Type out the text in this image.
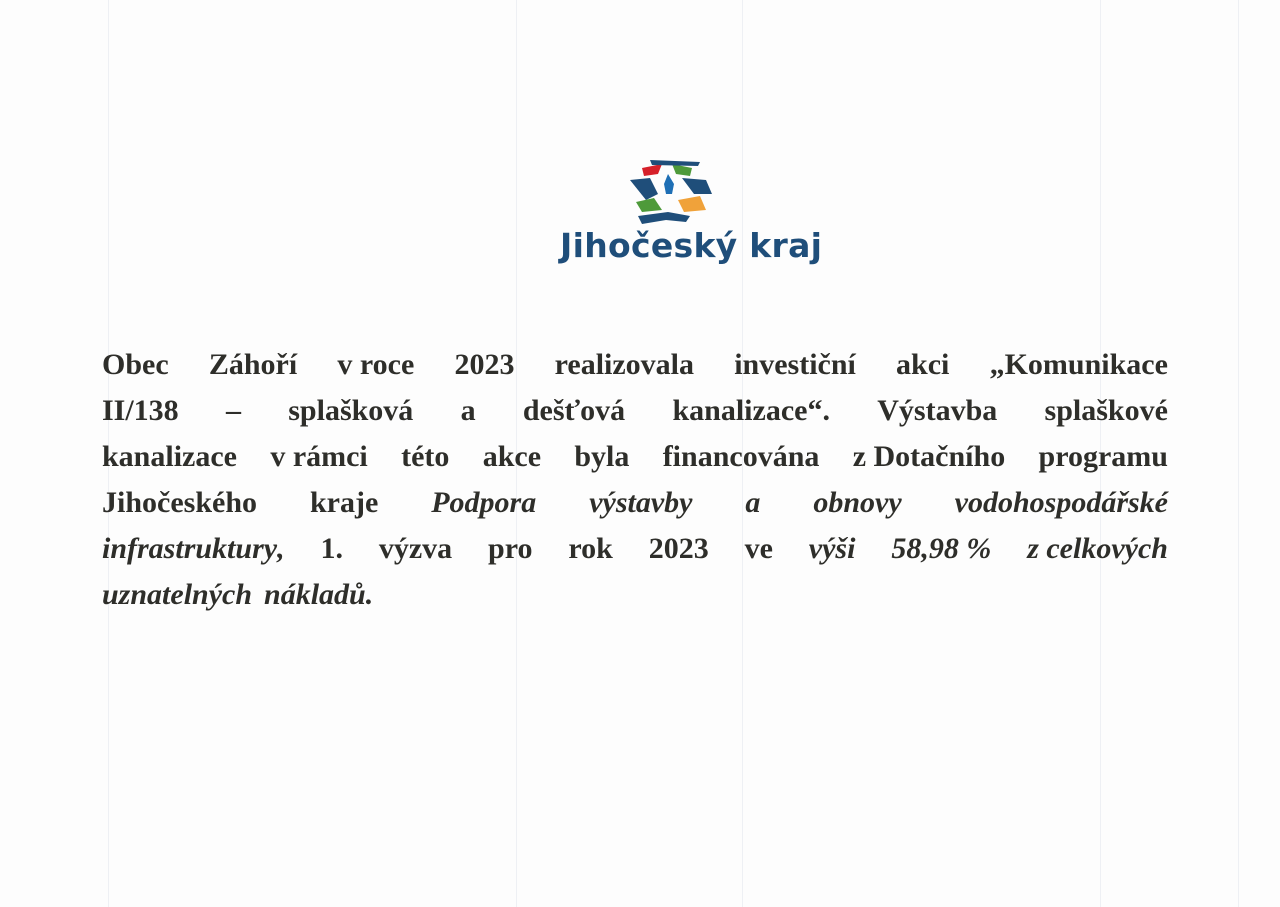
Jihočeský kraj
Obec Záhoří v roce 2023 realizovala investiční akci „Komunikace
II/138 – splašková a dešťová kanalizace“. Výstavba splaškové
kanalizace v rámci této akce byla financována z Dotačního programu
Jihočeského kraje Podpora výstavby a obnovy vodohospodářské
infrastruktury, 1. výzva pro rok 2023 ve výši 58,98 % z celkových
uznatelných nákladů.
